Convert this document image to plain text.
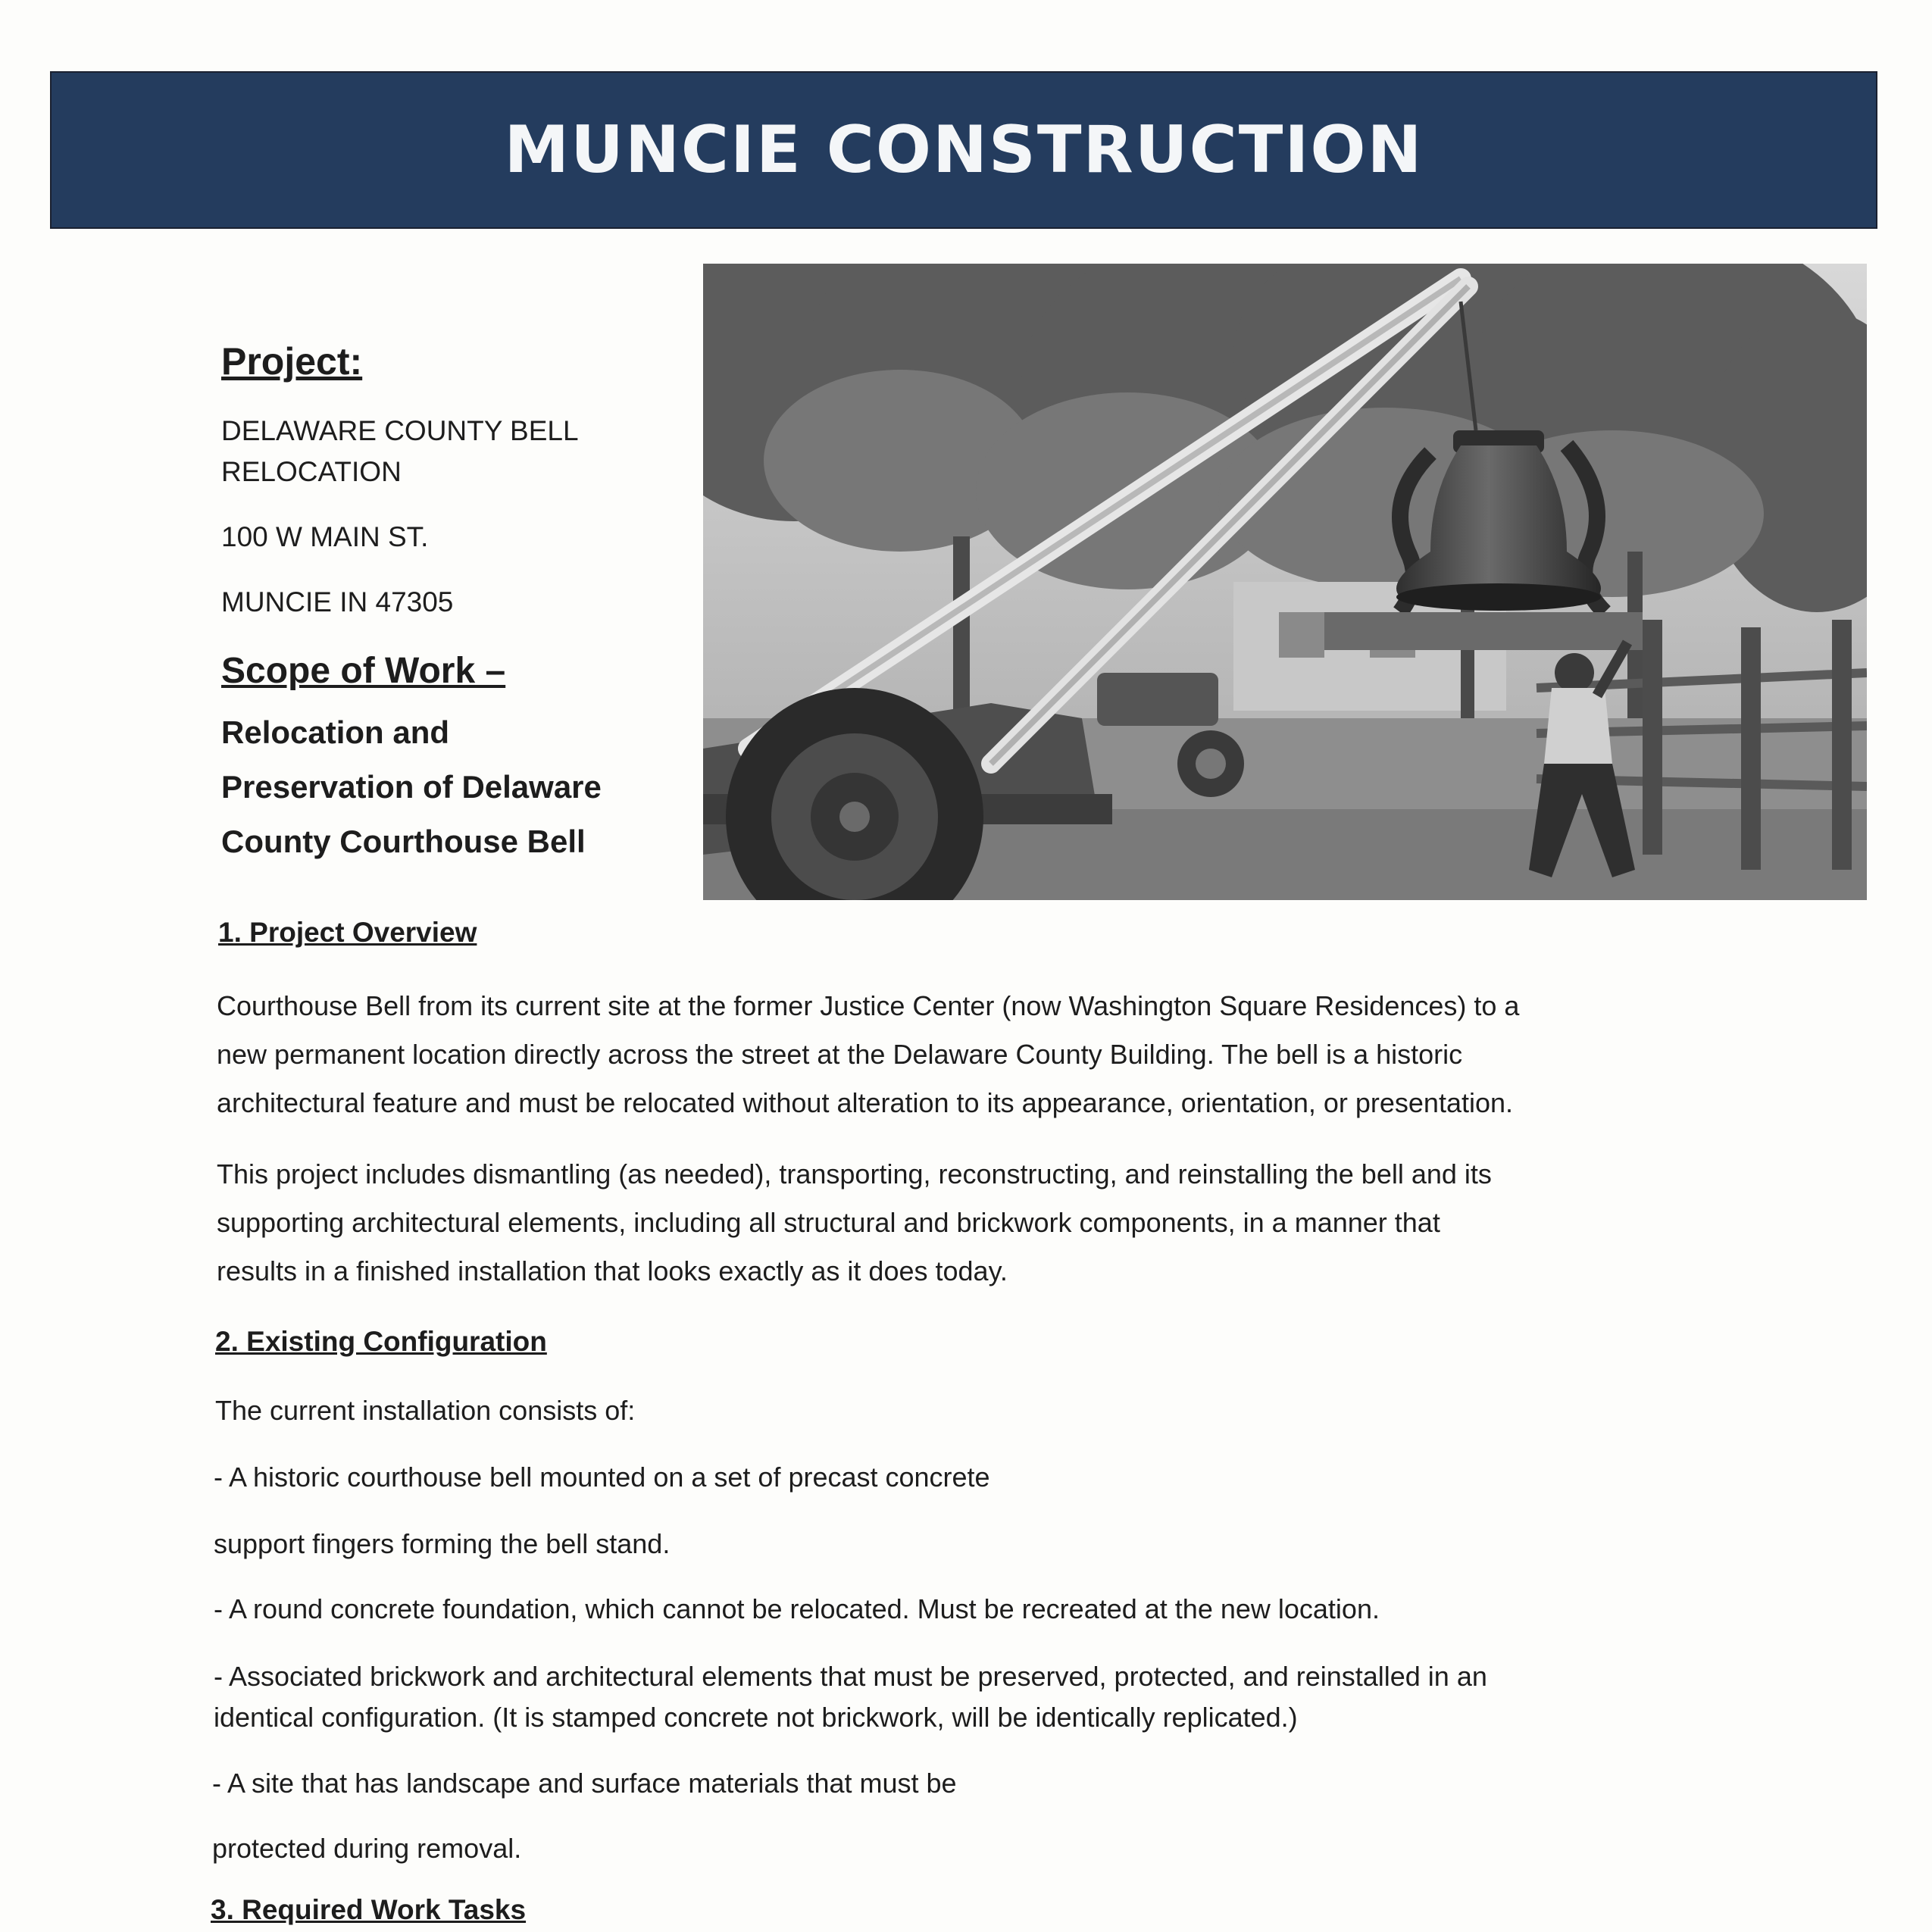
MUNCIE CONSTRUCTION
Project:

DELAWARE COUNTY BELL

RELOCATION

100 W MAIN ST.

MUNCIE IN 47305

Scope of Work –

Relocation and

Preservation of Delaware

County Courthouse Bell

1. Project Overview
Courthouse Bell from its current site at the former Justice Center (now Washington Square Residences) to a
new permanent location directly across the street at the Delaware County Building. The bell is a historic
architectural feature and must be relocated without alteration to its appearance, orientation, or presentation.
This project includes dismantling (as needed), transporting, reconstructing, and reinstalling the bell and its
supporting architectural elements, including all structural and brickwork components, in a manner that
results in a finished installation that looks exactly as it does today.
2. Existing Configuration
The current installation consists of:
- A historic courthouse bell mounted on a set of precast concrete
support fingers forming the bell stand.
- A round concrete foundation, which cannot be relocated. Must be recreated at the new location.
- Associated brickwork and architectural elements that must be preserved, protected, and reinstalled in an
identical configuration. (It is stamped concrete not brickwork, will be identically replicated.)
- A site that has landscape and surface materials that must be
protected during removal.
3. Required Work Tasks
